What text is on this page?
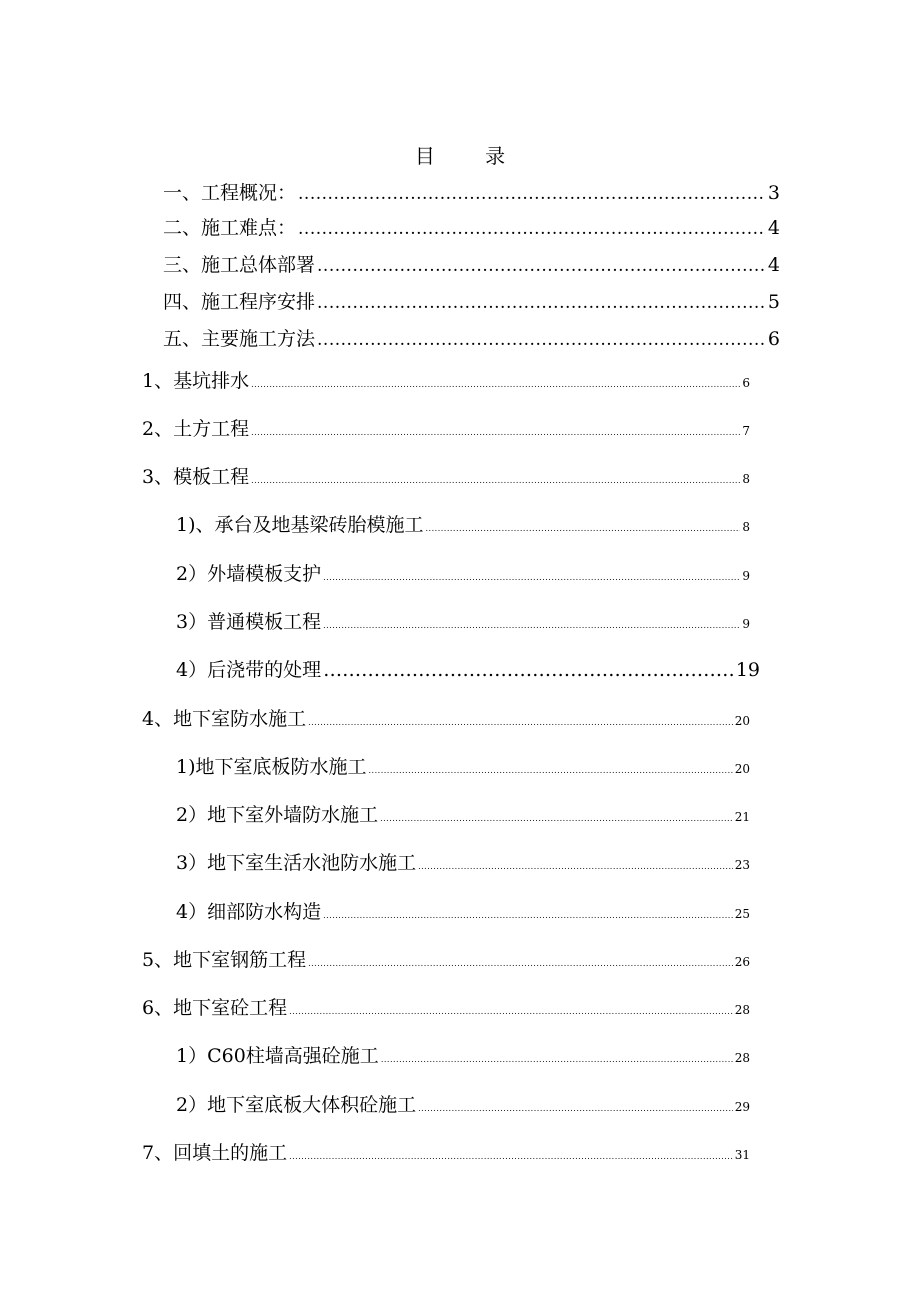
目 录
一、工程概况： .....	3
二、施工难点： .....	4
三、施工总体部署 .....	4
四、施工程序安排 .....	5
五、主要施工方法 .....	6
1、基坑排水 .....	6
2、土方工程 .....	7
3、模板工程 .....	8
1)、承台及地基梁砖胎模施工 .....	8
2）外墙模板支护 .....	9
3）普通模板工程 .....	9
4）后浇带的处理 …………………………………………………………………………………………………………………………………	19
4、地下室防水施工 .....	20
1)地下室底板防水施工 .....	20
2）地下室外墙防水施工 .....	21
3）地下室生活水池防水施工 .....	23
4）细部防水构造 .....	25
5、地下室钢筋工程 .....	26
6、地下室砼工程 .....	28
1）C60柱墙高强砼施工 .....	28
2）地下室底板大体积砼施工 .....	29
7、回填土的施工 .....	31
